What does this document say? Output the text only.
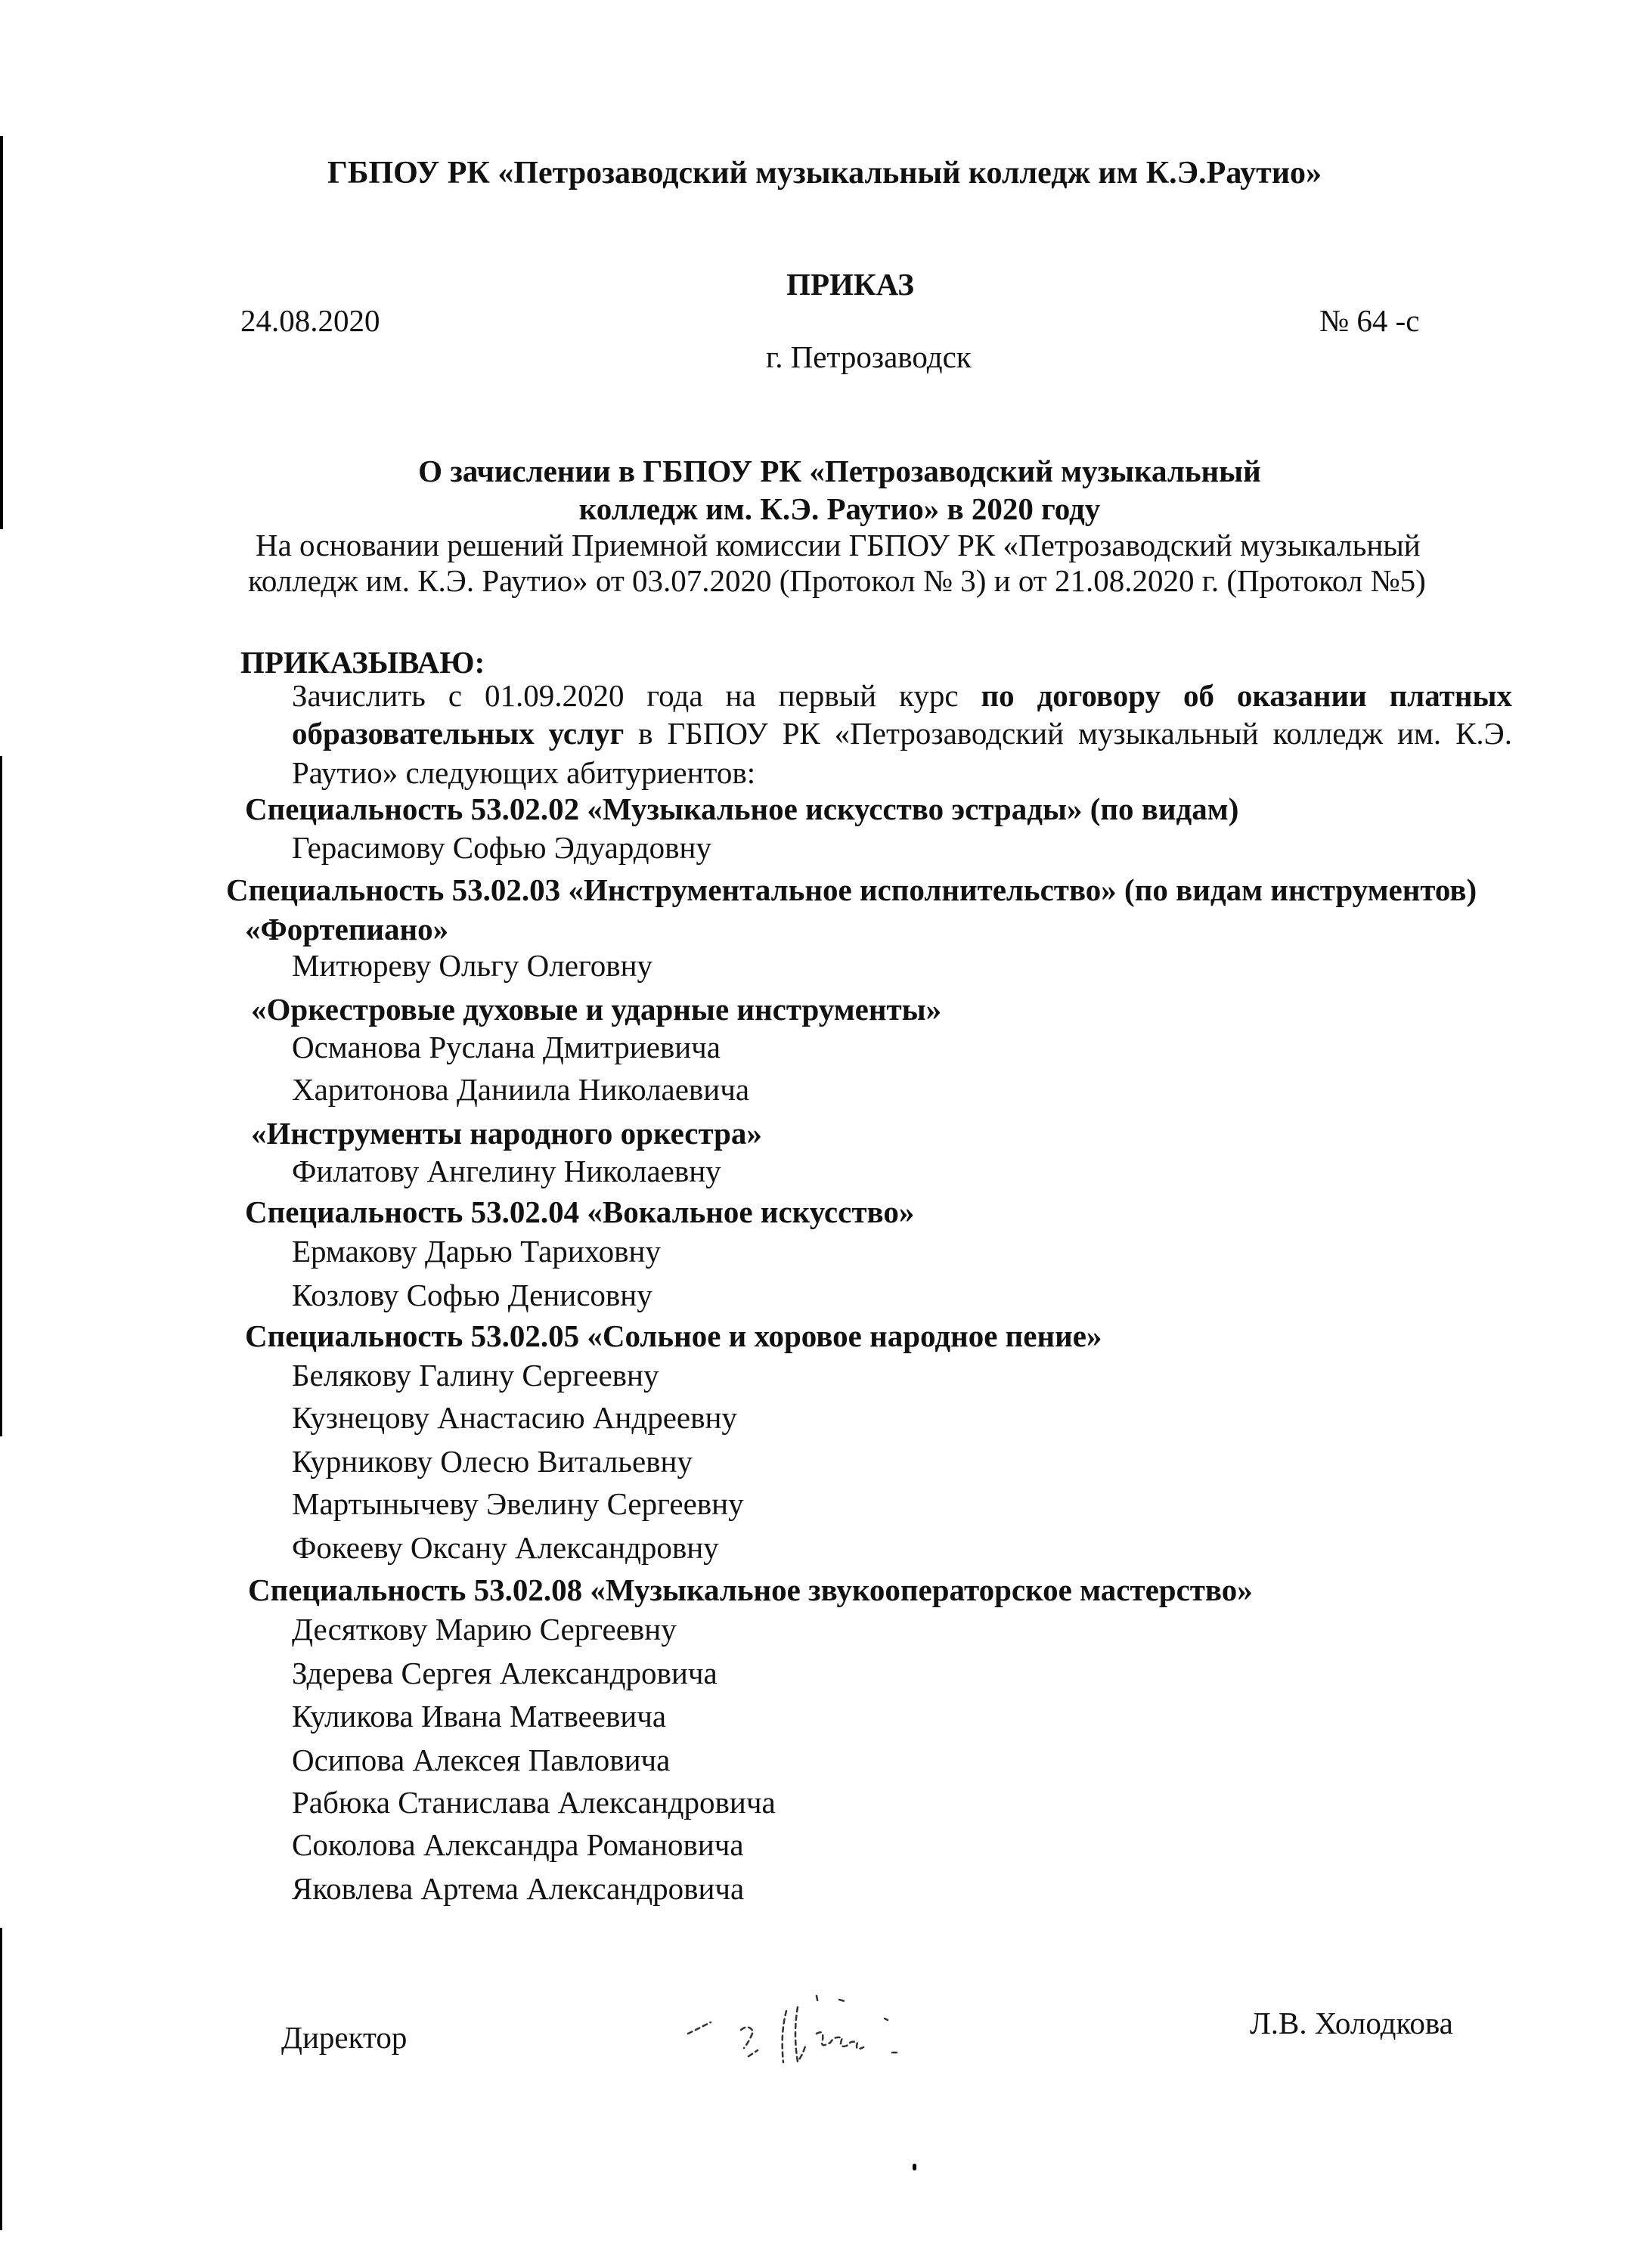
ГБПОУ РК «Петрозаводский музыкальный колледж им К.Э.Раутио»
ПРИКАЗ
24.08.2020	№ 64 -с
г. Петрозаводск
О зачислении в ГБПОУ РК «Петрозаводский музыкальный
колледж им. К.Э. Раутио» в 2020 году
На основании решений Приемной комиссии ГБПОУ РК «Петрозаводский музыкальный
колледж им. К.Э. Раутио» от 03.07.2020 (Протокол № 3) и от 21.08.2020 г. (Протокол №5)
ПРИКАЗЫВАЮ:
Зачислить с 01.09.2020 года на первый курс по договору об оказании платных
образовательных услуг в ГБПОУ РК «Петрозаводский музыкальный колледж им. К.Э.
Раутио» следующих абитуриентов:
Специальность 53.02.02 «Музыкальное искусство эстрады» (по видам)
Герасимову Софью Эдуардовну
Специальность 53.02.03 «Инструментальное исполнительство» (по видам инструментов)
«Фортепиано»
Митюреву Ольгу Олеговну
«Оркестровые духовые и ударные инструменты»
Османова Руслана Дмитриевича
Харитонова Даниила Николаевича
«Инструменты народного оркестра»
Филатову Ангелину Николаевну
Специальность 53.02.04 «Вокальное искусство»
Ермакову Дарью Тариховну
Козлову Софью Денисовну
Специальность 53.02.05 «Сольное и хоровое народное пение»
Белякову Галину Сергеевну
Кузнецову Анастасию Андреевну
Курникову Олесю Витальевну
Мартынычеву Эвелину Сергеевну
Фокееву Оксану Александровну
Специальность 53.02.08 «Музыкальное звукооператорское мастерство»
Десяткову Марию Сергеевну
Здерева Сергея Александровича
Куликова Ивана Матвеевича
Осипова Алексея Павловича
Рабюка Станислава Александровича
Соколова Александра Романовича
Яковлева Артема Александровича
Директор	Л.В. Холодкова
